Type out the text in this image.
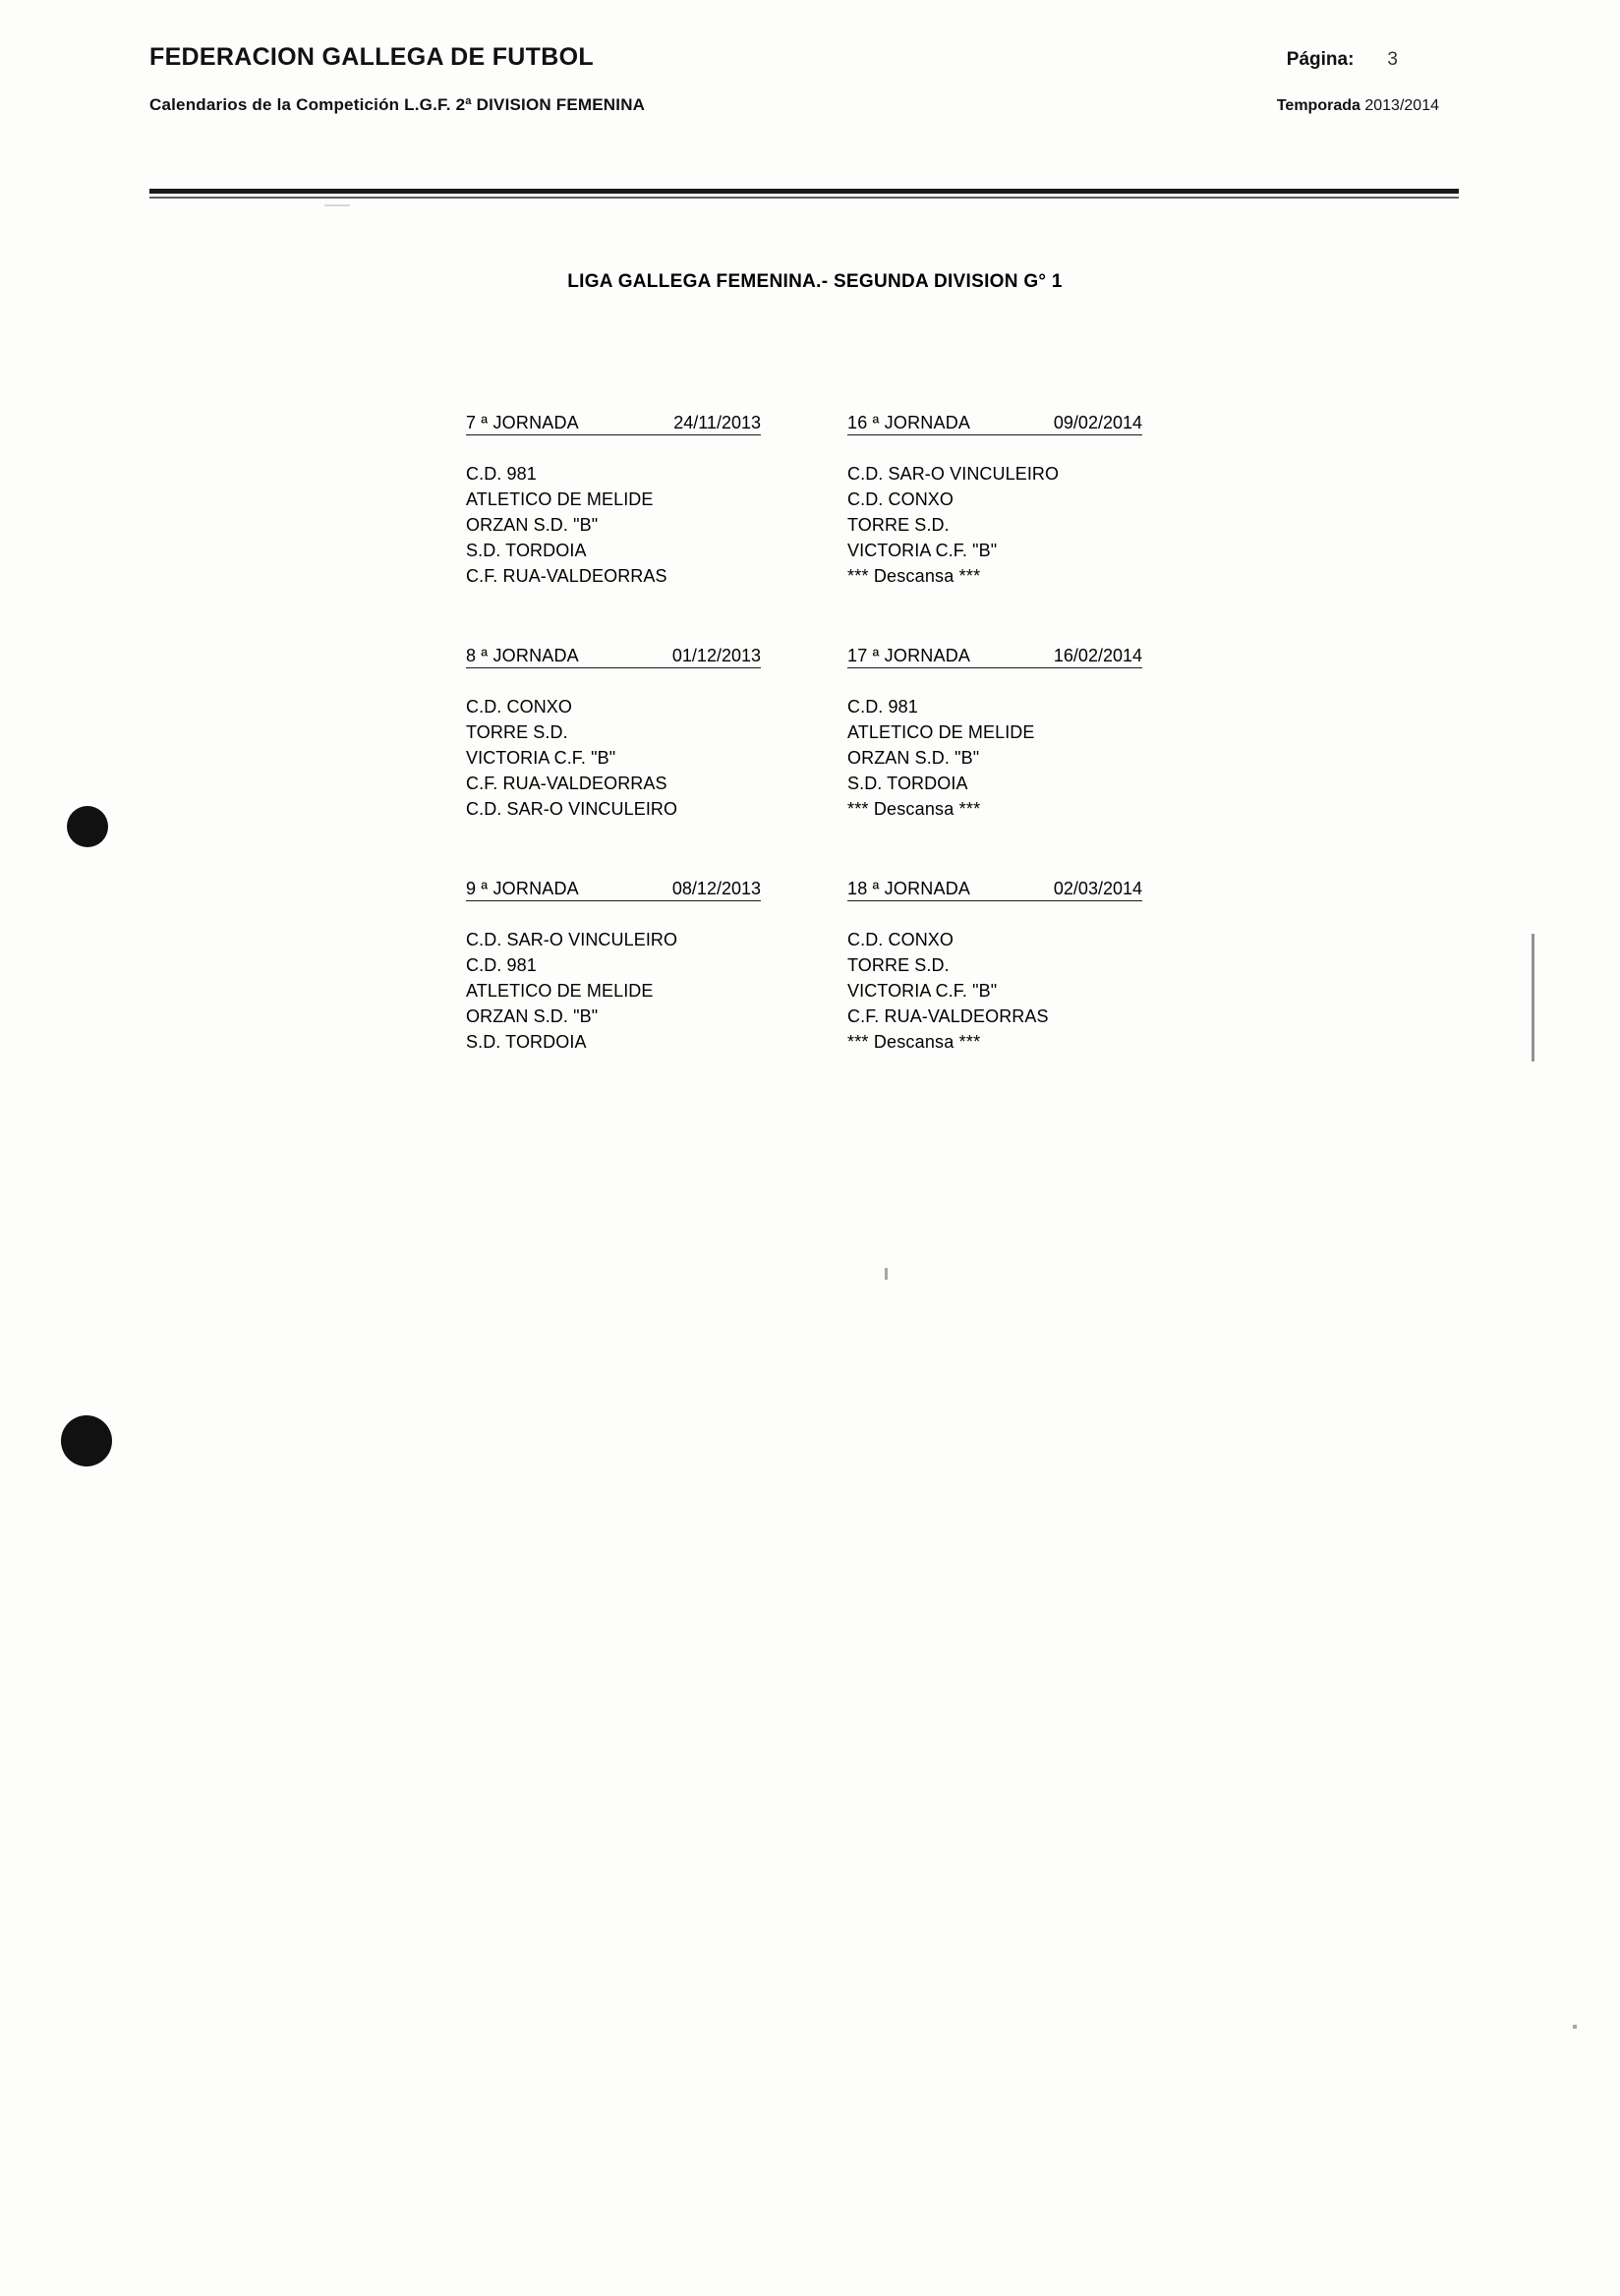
FEDERACION GALLEGA DE FUTBOL	Página: 3
Calendarios de la Competición L.G.F. 2ª DIVISION FEMENINA	Temporada 2013/2014
LIGA GALLEGA FEMENINA.- SEGUNDA DIVISION G° 1
7 ª JORNADA	24/11/2013
C.D. 981
ATLETICO DE MELIDE
ORZAN S.D. "B"
S.D. TORDOIA
C.F. RUA-VALDEORRAS
16 ª JORNADA	09/02/2014
C.D. SAR-O VINCULEIRO
C.D. CONXO
TORRE S.D.
VICTORIA C.F. "B"
*** Descansa ***
8 ª JORNADA	01/12/2013
C.D. CONXO
TORRE S.D.
VICTORIA C.F. "B"
C.F. RUA-VALDEORRAS
C.D. SAR-O VINCULEIRO
17 ª JORNADA	16/02/2014
C.D. 981
ATLETICO DE MELIDE
ORZAN S.D. "B"
S.D. TORDOIA
*** Descansa ***
9 ª JORNADA	08/12/2013
C.D. SAR-O VINCULEIRO
C.D. 981
ATLETICO DE MELIDE
ORZAN S.D. "B"
S.D. TORDOIA
18 ª JORNADA	02/03/2014
C.D. CONXO
TORRE S.D.
VICTORIA C.F. "B"
C.F. RUA-VALDEORRAS
*** Descansa ***
